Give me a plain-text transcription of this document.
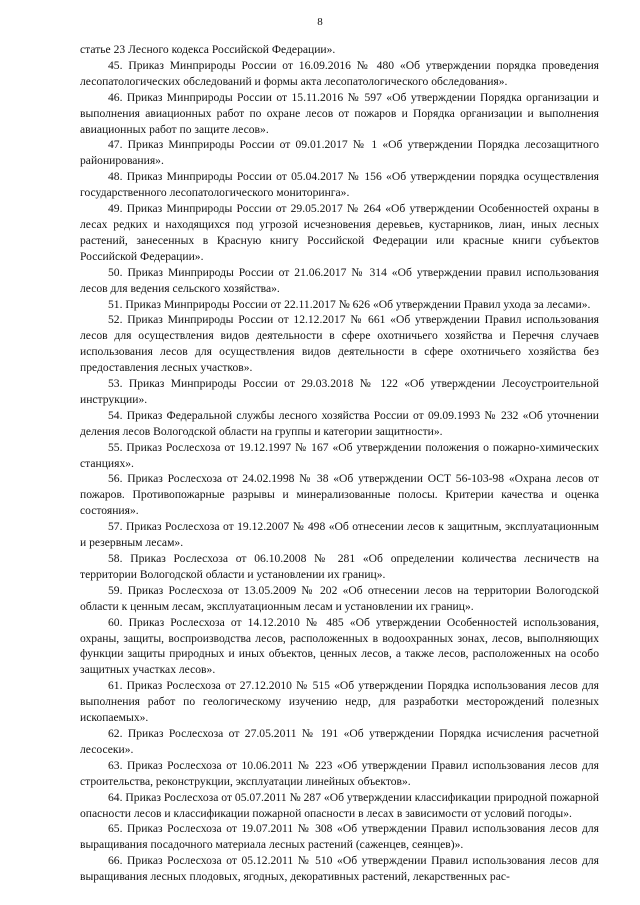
8

статье 23 Лесного кодекса Российской Федерации».

45. Приказ Минприроды России от 16.09.2016 № 480 «Об утверждении порядка проведения лесопатологических обследований и формы акта лесопатологического обследования».

46. Приказ Минприроды России от 15.11.2016 № 597 «Об утверждении Порядка организации и выполнения авиационных работ по охране лесов от пожаров и Порядка организации и выполнения авиационных работ по защите лесов».

47. Приказ Минприроды России от 09.01.2017 № 1 «Об утверждении Порядка лесозащитного районирования».

48. Приказ Минприроды России от 05.04.2017 № 156 «Об утверждении порядка осуществления государственного лесопатологического мониторинга».

49. Приказ Минприроды России от 29.05.2017 № 264 «Об утверждении Особенностей охраны в лесах редких и находящихся под угрозой исчезновения деревьев, кустарников, лиан, иных лесных растений, занесенных в Красную книгу Российской Федерации или красные книги субъектов Российской Федерации».

50. Приказ Минприроды России от 21.06.2017 № 314 «Об утверждении правил использования лесов для ведения сельского хозяйства».

51. Приказ Минприроды России от 22.11.2017 № 626 «Об утверждении Правил ухода за лесами».

52. Приказ Минприроды России от 12.12.2017 № 661 «Об утверждении Правил использования лесов для осуществления видов деятельности в сфере охотничьего хозяйства и Перечня случаев использования лесов для осуществления видов деятельности в сфере охотничьего хозяйства без предоставления лесных участков».

53. Приказ Минприроды России от 29.03.2018 № 122 «Об утверждении Лесоустроительной инструкции».

54. Приказ Федеральной службы лесного хозяйства России от 09.09.1993 № 232 «Об уточнении деления лесов Вологодской области на группы и категории защитности».

55. Приказ Рослесхоза от 19.12.1997 № 167 «Об утверждении положения о пожарно-химических станциях».

56. Приказ Рослесхоза от 24.02.1998 № 38 «Об утверждении ОСТ 56-103-98 «Охрана лесов от пожаров. Противопожарные разрывы и минерализованные полосы. Критерии качества и оценка состояния».

57. Приказ Рослесхоза от 19.12.2007 № 498 «Об отнесении лесов к защитным, эксплуатационным и резервным лесам».

58. Приказ Рослесхоза от 06.10.2008 № 281 «Об определении количества лесничеств на территории Вологодской области и установлении их границ».

59. Приказ Рослесхоза от 13.05.2009 № 202 «Об отнесении лесов на территории Вологодской области к ценным лесам, эксплуатационным лесам и установлении их границ».

60. Приказ Рослесхоза от 14.12.2010 № 485 «Об утверждении Особенностей использования, охраны, защиты, воспроизводства лесов, расположенных в водоохранных зонах, лесов, выполняющих функции защиты природных и иных объектов, ценных лесов, а также лесов, расположенных на особо защитных участках лесов».

61. Приказ Рослесхоза от 27.12.2010 № 515 «Об утверждении Порядка использования лесов для выполнения работ по геологическому изучению недр, для разработки месторождений полезных ископаемых».

62. Приказ Рослесхоза от 27.05.2011 № 191 «Об утверждении Порядка исчисления расчетной лесосеки».

63. Приказ Рослесхоза от 10.06.2011 № 223 «Об утверждении Правил использования лесов для строительства, реконструкции, эксплуатации линейных объектов».

64. Приказ Рослесхоза от 05.07.2011 № 287 «Об утверждении классификации природной пожарной опасности лесов и классификации пожарной опасности в лесах в зависимости от условий погоды».

65. Приказ Рослесхоза от 19.07.2011 № 308 «Об утверждении Правил использования лесов для выращивания посадочного материала лесных растений (саженцев, сеянцев)».

66. Приказ Рослесхоза от 05.12.2011 № 510 «Об утверждении Правил использования лесов для выращивания лесных плодовых, ягодных, декоративных растений, лекарственных рас-
